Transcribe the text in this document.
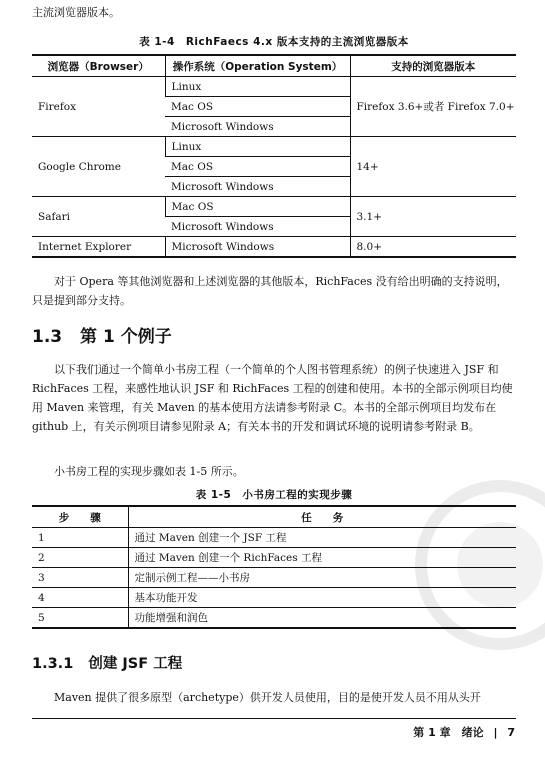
主流浏览器版本。

表 1-4　RichFaecs 4.x 版本支持的主流浏览器版本
浏览器（Browser）	操作系统（Operation System）	支持的浏览器版本
Firefox	Linux	Firefox 3.6+或者 Firefox 7.0+
	Mac OS	
	Microsoft Windows	
Google Chrome	Linux	14+
	Mac OS	
	Microsoft Windows	
Safari	Mac OS	3.1+
	Microsoft Windows	
Internet Explorer	Microsoft Windows	8.0+

对于 Opera 等其他浏览器和上述浏览器的其他版本，RichFaces 没有给出明确的支持说明，只是提到部分支持。

1.3 第 1 个例子

以下我们通过一个简单小书房工程（一个简单的个人图书管理系统）的例子快速进入 JSF 和 RichFaces 工程，来感性地认识 JSF 和 RichFaces 工程的创建和使用。本书的全部示例项目均使用 Maven 来管理，有关 Maven 的基本使用方法请参考附录 C。本书的全部示例项目均发布在 github 上，有关示例项目请参见附录 A；有关本书的开发和调试环境的说明请参考附录 B。

小书房工程的实现步骤如表 1-5 所示。

表 1-5　小书房工程的实现步骤
步　　骤	任　　务
1	通过 Maven 创建一个 JSF 工程
2	通过 Maven 创建一个 RichFaces 工程
3	定制示例工程——小书房
4	基本功能开发
5	功能增强和润色
1.3.1 创建 JSF 工程

Maven 提供了很多原型（archetype）供开发人员使用，目的是使开发人员不用从头开

第 1 章　绪论 | 7
